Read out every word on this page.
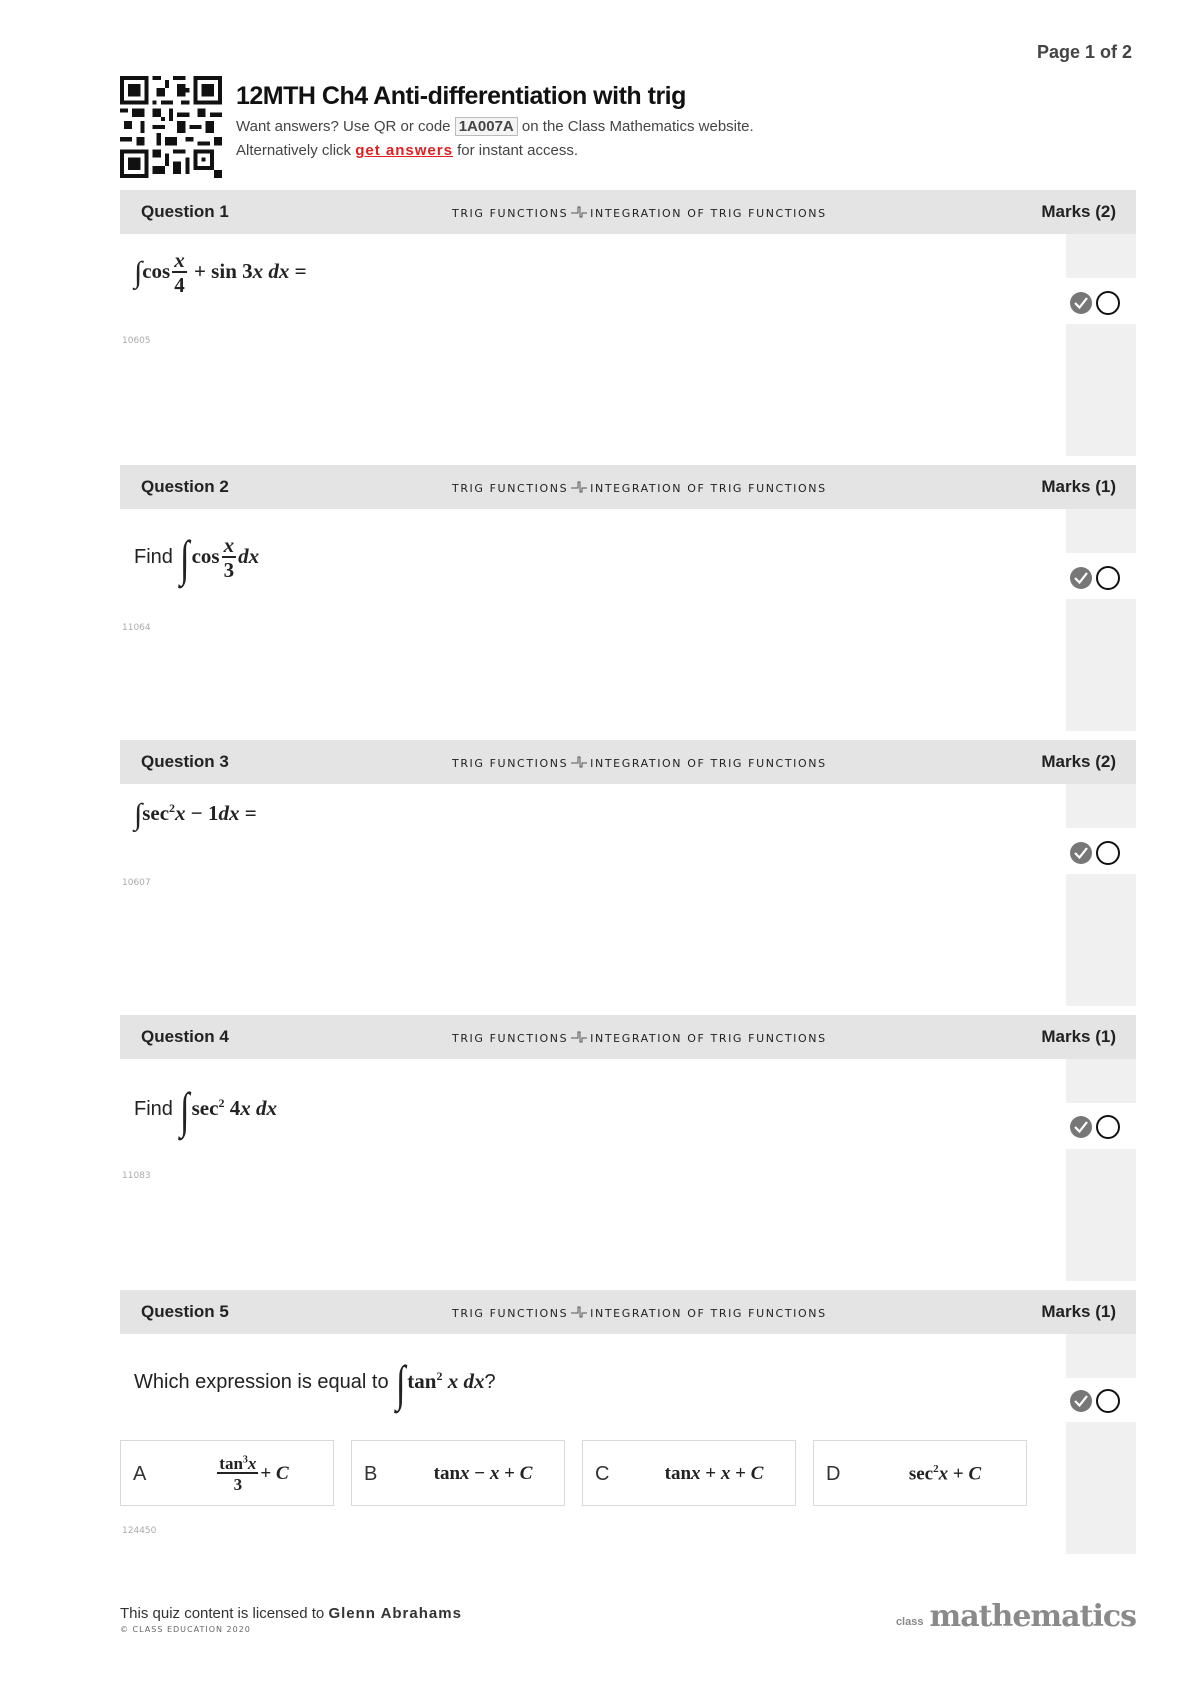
Page 1 of 2
12MTH Ch4 Anti-differentiation with trig
Want answers? Use QR or code 1A007A on the Class Mathematics website.
Alternatively click get answers for instant access.
Question 1	TRIG FUNCTIONS INTEGRATION OF TRIG FUNCTIONS	Marks (2)
$\int\cos \frac{x}{4} + \sin 3x$ dx =
10605
Question 2	TRIG FUNCTIONS INTEGRATION OF TRIG FUNCTIONS	Marks (1)
Find $\int\cos \frac{x}{3}$ dx
11064
Question 3	TRIG FUNCTIONS INTEGRATION OF TRIG FUNCTIONS	Marks (2)
$\int\sec^2x - 1dx$ =
10607
Question 4	TRIG FUNCTIONS INTEGRATION OF TRIG FUNCTIONS	Marks (1)
Find $\int\sec^2$ 4x dx
11083
Question 5	TRIG FUNCTIONS INTEGRATION OF TRIG FUNCTIONS	Marks (1)
Which expression is equal to $\int\tan^2$ x dx?
A	$\frac{\tan^3x}{3} + C$	B	tanx − x + C	C	tanx + x + C	D	$\sec^2x + C$
124450
This quiz content is licensed to Glenn Abrahams
© CLASS EDUCATION 2020
class mathematics
